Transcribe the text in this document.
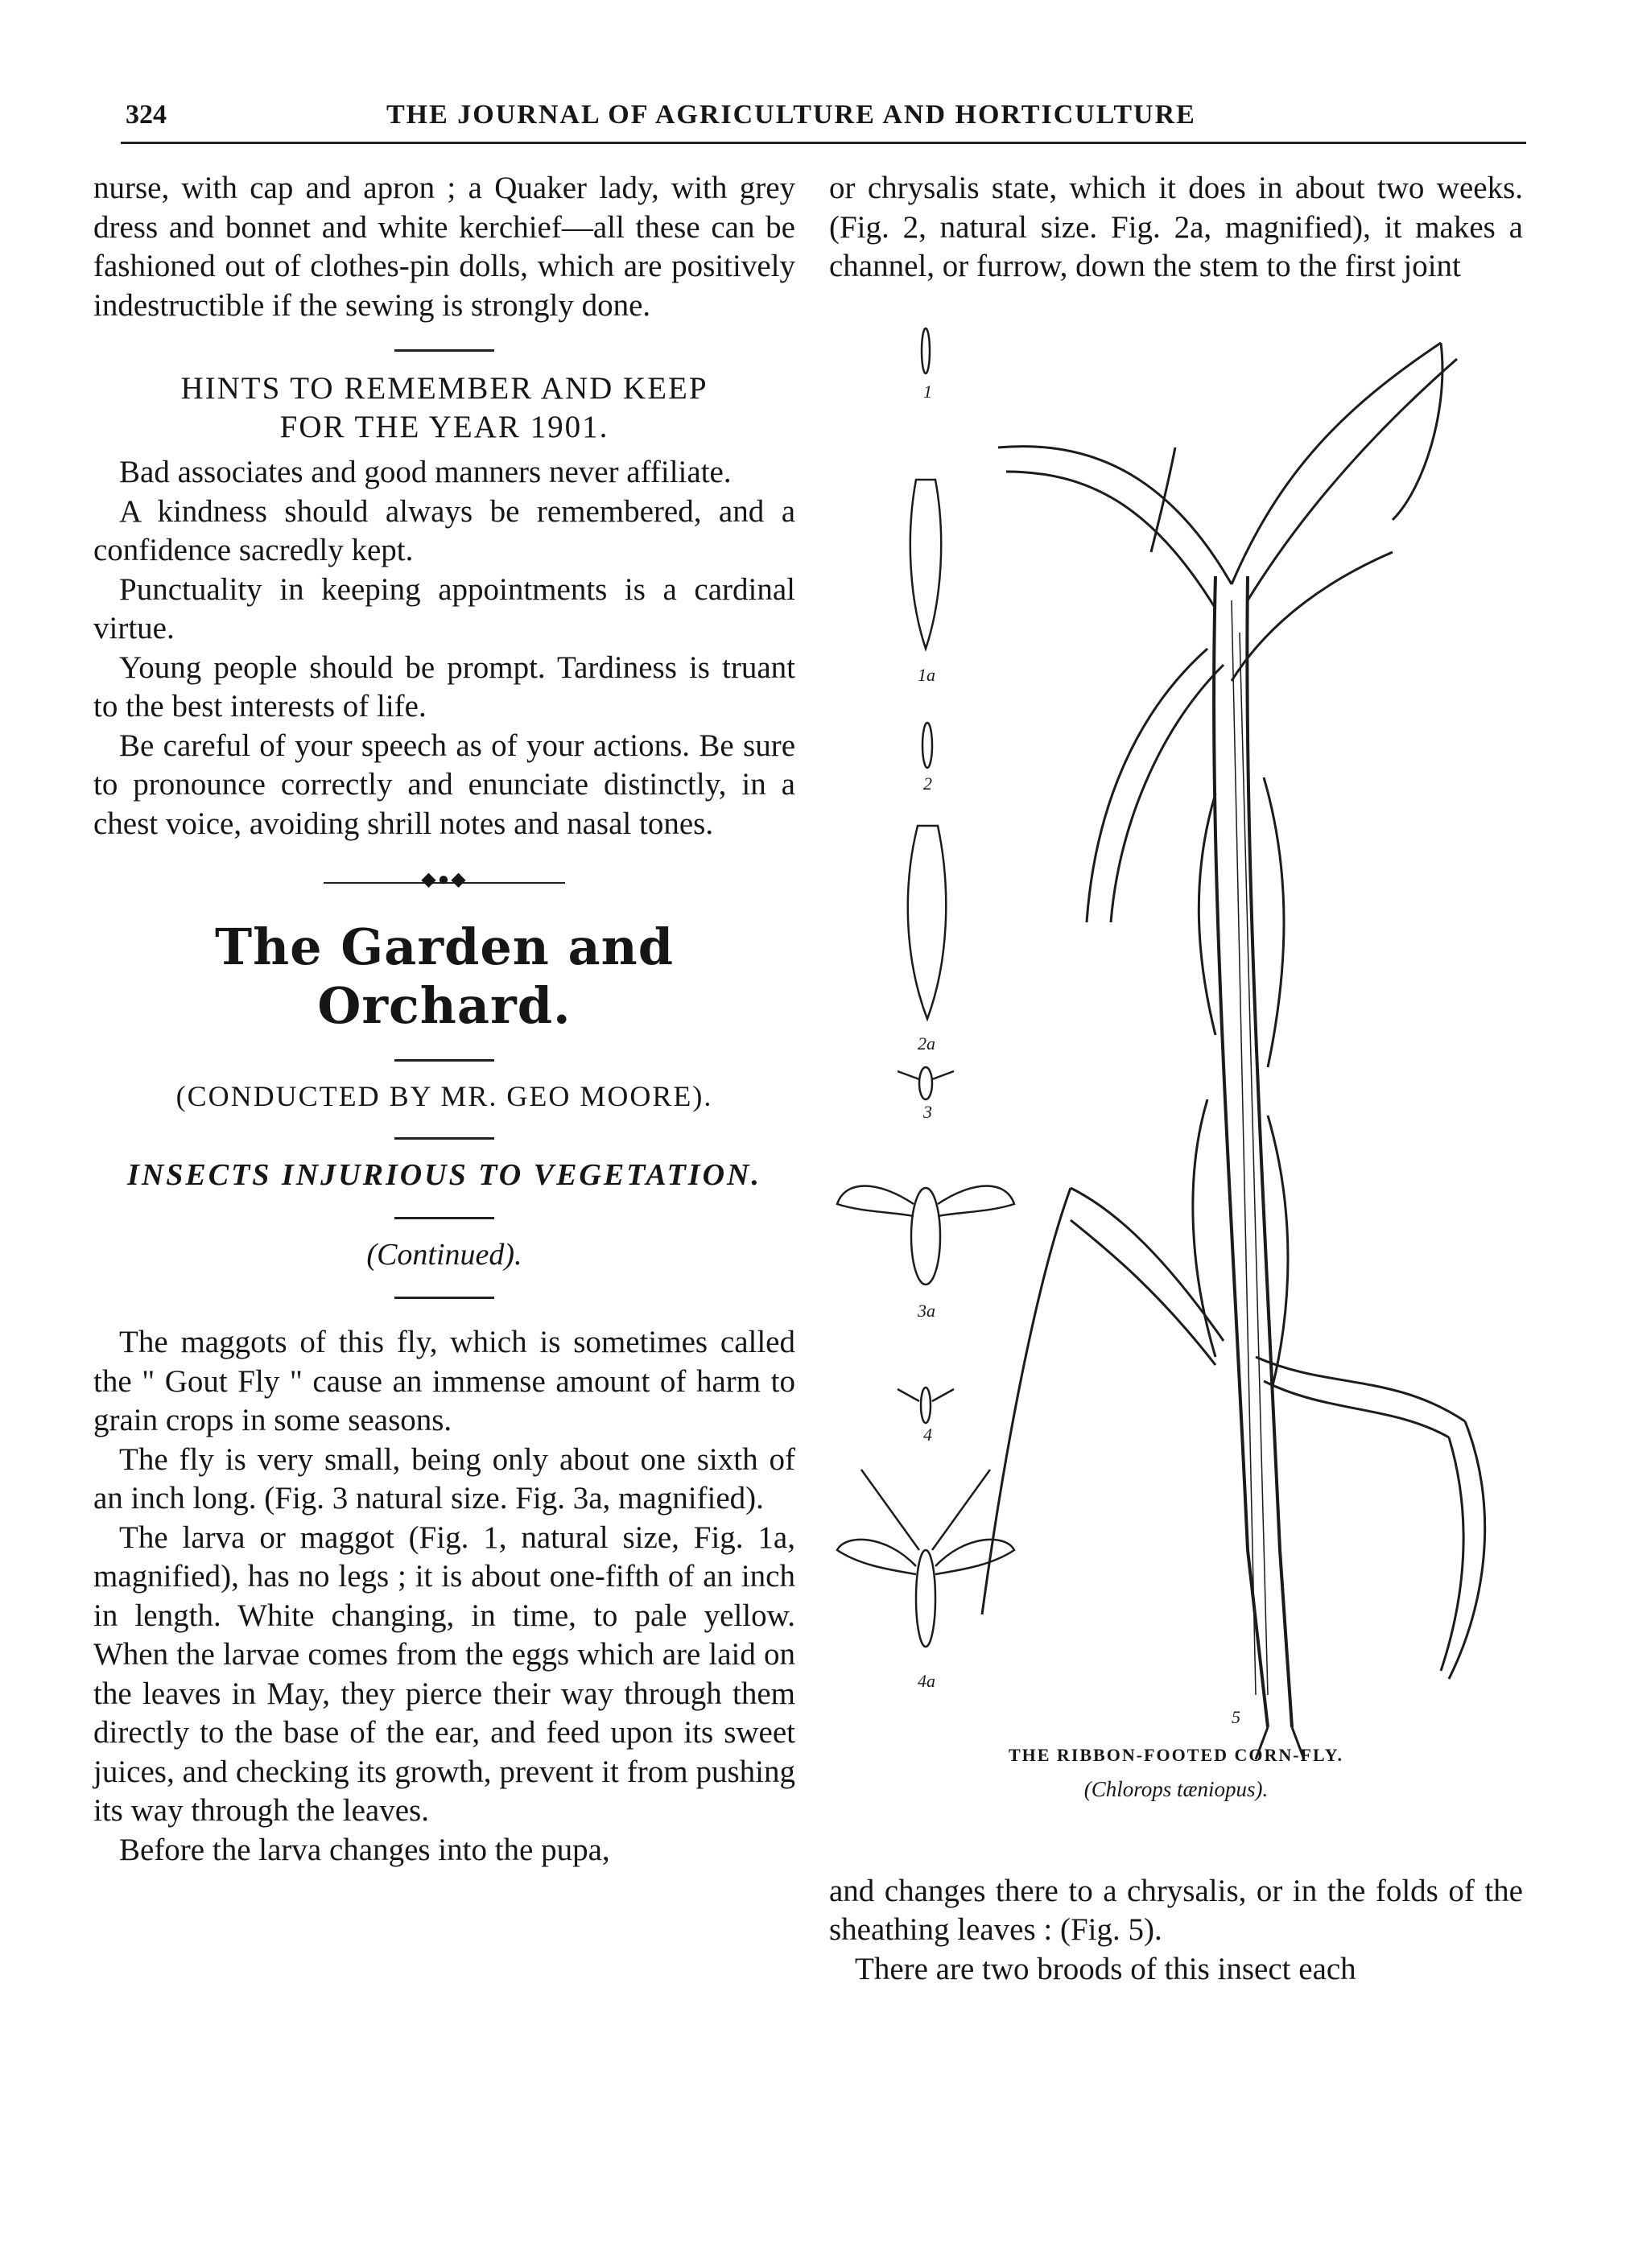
324	THE JOURNAL OF AGRICULTURE AND HORTICULTURE

nurse, with cap and apron ; a Quaker lady, with grey dress and bonnet and white kerchief—all these can be fashioned out of clothes-pin dolls, which are positively indestructible if the sewing is strongly done.

HINTS TO REMEMBER AND KEEP
FOR THE YEAR 1901.

Bad associates and good manners never affiliate.

A kindness should always be remembered, and a confidence sacredly kept.

Punctuality in keeping appointments is a cardinal virtue.

Young people should be prompt. Tardiness is truant to the best interests of life.

Be careful of your speech as of your actions. Be sure to pronounce correctly and enunciate distinctly, in a chest voice, avoiding shrill notes and nasal tones.

◆●◆
The Garden and Orchard.
(CONDUCTED BY MR. GEO MOORE).
INSECTS INJURIOUS TO VEGETATION.
(Continued).

The maggots of this fly, which is sometimes called the " Gout Fly " cause an immense amount of harm to grain crops in some seasons.

The fly is very small, being only about one sixth of an inch long. (Fig. 3 natural size. Fig. 3a, magnified).

The larva or maggot (Fig. 1, natural size, Fig. 1a, magnified), has no legs ; it is about one-fifth of an inch in length. White changing, in time, to pale yellow. When the larvae comes from the eggs which are laid on the leaves in May, they pierce their way through them directly to the base of the ear, and feed upon its sweet juices, and checking its growth, prevent it from pushing its way through the leaves.

Before the larva changes into the pupa,

or chrysalis state, which it does in about two weeks. (Fig. 2, natural size. Fig. 2a, magnified), it makes a channel, or furrow, down the stem to the first joint

1
1a
2
2a
3
3a
4
4a
5
THE RIBBON-FOOTED CORN-FLY.
(Chlorops tæniopus).

and changes there to a chrysalis, or in the folds of the sheathing leaves : (Fig. 5).

There are two broods of this insect each
